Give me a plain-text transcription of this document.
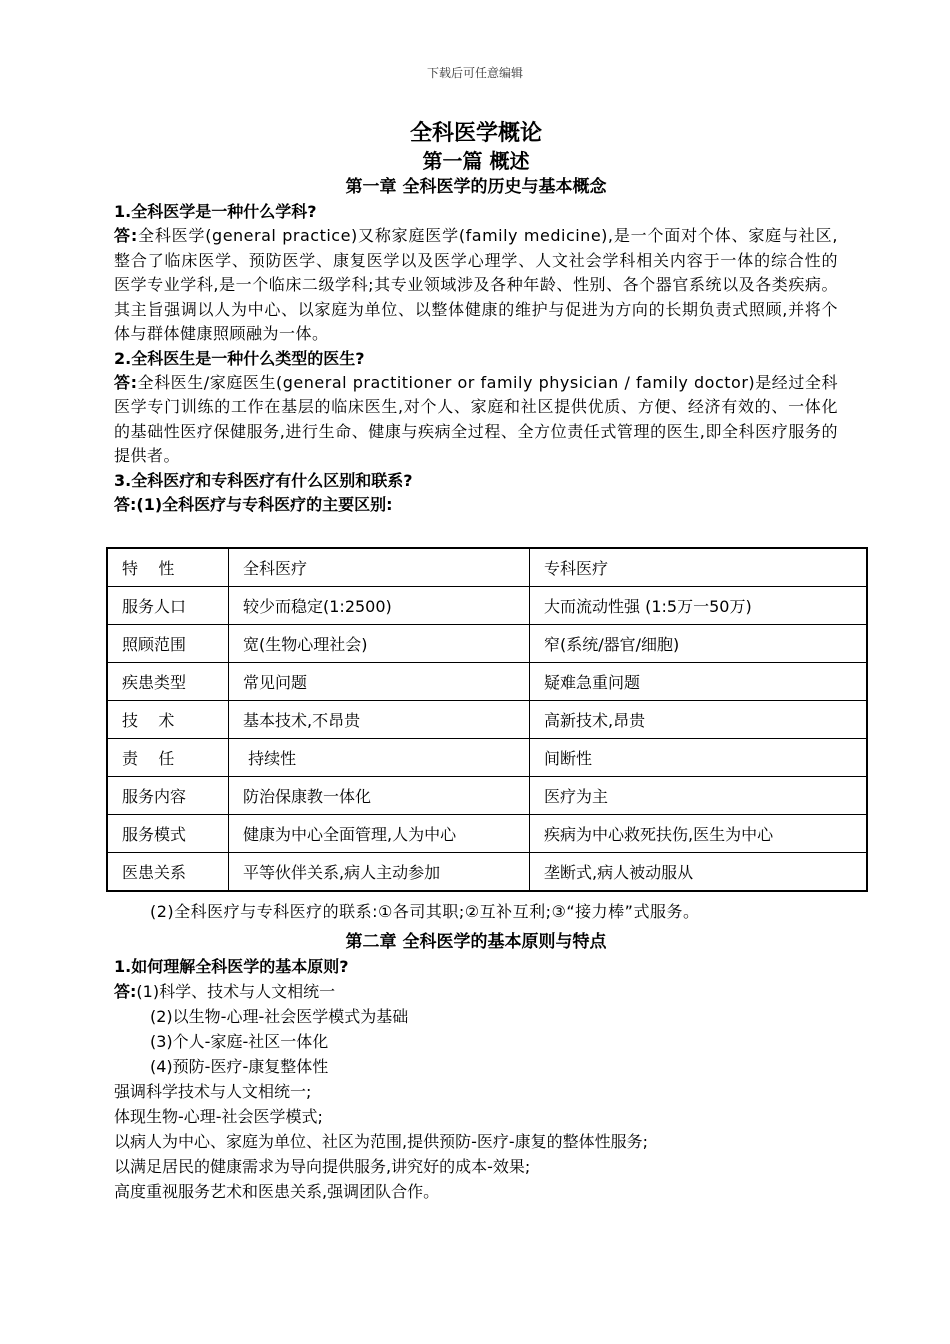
下载后可任意编辑

全科医学概论

第一篇 概述

第一章 全科医学的历史与基本概念

1.全科医学是一种什么学科?

答:全科医学(general practice)又称家庭医学(family medicine),是一个面对个体、家庭与社区,整合了临床医学、预防医学、康复医学以及医学心理学、人文社会学科相关内容于一体的综合性的医学专业学科,是一个临床二级学科;其专业领域涉及各种年龄、性别、各个器官系统以及各类疾病。其主旨强调以人为中心、以家庭为单位、以整体健康的维护与促进为方向的长期负责式照顾,并将个体与群体健康照顾融为一体。

2.全科医生是一种什么类型的医生?

答:全科医生/家庭医生(general practitioner or family physician / family doctor)是经过全科医学专门训练的工作在基层的临床医生,对个人、家庭和社区提供优质、方便、经济有效的、一体化的基础性医疗保健服务,进行生命、健康与疾病全过程、全方位责任式管理的医生,即全科医疗服务的提供者。

3.全科医疗和专科医疗有什么区别和联系?

答:(1)全科医疗与专科医疗的主要区别:

特    性	全科医疗	专科医疗
服务人口	较少而稳定(1:2500)	大而流动性强 (1:5万一50万)
照顾范围	宽(生物心理社会)	窄(系统/器官/细胞)
疾患类型	常见问题	疑难急重问题
技    术	基本技术,不昂贵	高新技术,昂贵
责    任	持续性	间断性
服务内容	防治保康教一体化	医疗为主
服务模式	健康为中心全面管理,人为中心	疾病为中心救死扶伤,医生为中心
医患关系	平等伙伴关系,病人主动参加	垄断式,病人被动服从

(2)全科医疗与专科医疗的联系:①各司其职;②互补互利;③“接力棒”式服务。

第二章 全科医学的基本原则与特点

1.如何理解全科医学的基本原则?

答:(1)科学、技术与人文相统一

(2)以生物-心理-社会医学模式为基础

(3)个人-家庭-社区一体化

(4)预防-医疗-康复整体性

强调科学技术与人文相统一;

体现生物-心理-社会医学模式;

以病人为中心、家庭为单位、社区为范围,提供预防-医疗-康复的整体性服务;

以满足居民的健康需求为导向提供服务,讲究好的成本-效果;

高度重视服务艺术和医患关系,强调团队合作。
